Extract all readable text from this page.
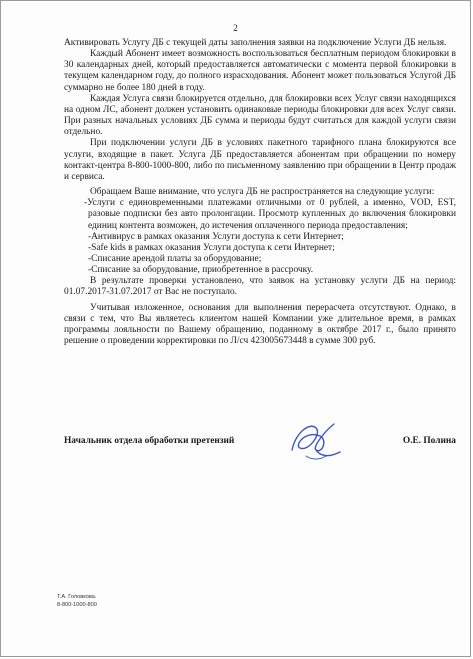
2

Активировать Услугу ДБ с текущей даты заполнения заявки на подключение Услуги ДБ нельзя.

Каждый Абонент имеет возможность воспользоваться бесплатным периодом блокировки в 30 календарных дней, который предоставляется автоматически с момента первой блокировки в текущем календарном году, до полного израсходования. Абонент может пользоваться Услугой ДБ суммарно не более 180 дней в году.

Каждая Услуга связи блокируется отдельно, для блокировки всех Услуг связи находящихся на одном ЛС, абонент должен установить одинаковые периоды блокировки для всех Услуг связи. При разных начальных условиях ДБ сумма и периоды будут считаться для каждой услуги связи отдельно.

При подключении услуги ДБ в условиях пакетного тарифного плана блокируются все услуги, входящие в пакет. Услуга ДБ предоставляется абонентам при обращении по номеру контакт-центра 8-800-1000-800, либо по письменному заявлению при обращении в Центр продаж и сервиса.

Обращаем Ваше внимание, что услуга ДБ не распространяется на следующие услуги:

-Услуги с единовременными платежами отличными от 0 рублей, а именно, VOD, EST, разовые подписки без авто пролонгации. Просмотр купленных до включения блокировки единиц контента возможен, до истечения оплаченного периода предоставления;

-Антивирус в рамках оказания Услуги доступа к сети Интернет;

-Safe kids в рамках оказания Услуги доступа к сети Интернет;

-Списание арендой платы за оборудование;

-Списание за оборудование, приобретенное в рассрочку.

В результате проверки установлено, что заявок на установку услуги ДБ на период: 01.07.2017-31.07.2017 от Вас не поступало.

Учитывая изложенное, основания для выполнения перерасчета отсутствуют. Однако, в связи с тем, что Вы являетесь клиентом нашей Компании уже длительное время, в рамках программы лояльности по Вашему обращению, поданному в октябре 2017 г., было принято решение о проведении корректировки по Л/сч 423005673448 в сумме 300 руб.

Начальник отдела обработки претензий	О.Е. Полина
Т.А. Головкова.
8-800-1000-800
